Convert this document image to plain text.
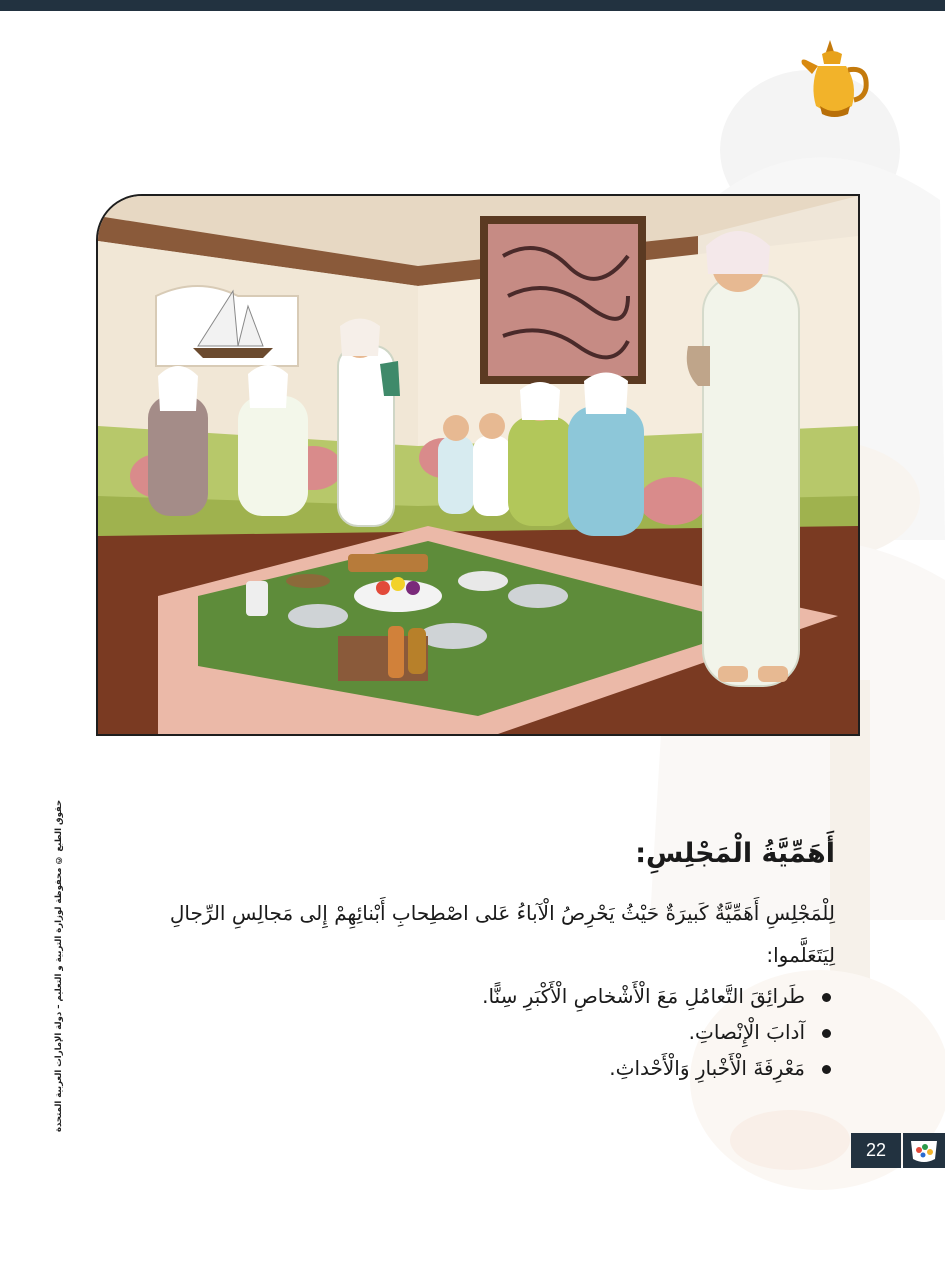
حقوق الطبع © محفوظة لوزارة التربية و التعليم – دولة الإمارات العربية المتحدة	أَهَمِّيَّةُ الْمَجْلِسِ:

لِلْمَجْلِسِ أَهَمِّيَّةٌ كَبيرَةٌ حَيْثُ يَحْرِصُ الْآباءُ عَلى اصْطِحابِ أَبْنائِهِمْ إِلى مَجالِسِ الرِّجالِ لِيَتَعَلَّموا:

طَرائِقَ التَّعامُلِ مَعَ الْأَشْخاصِ الْأَكْبَرِ سِنًّا.
آدابَ الْإِنْصاتِ.
مَعْرِفَةَ الْأَخْبارِ وَالْأَحْداثِ.
22
